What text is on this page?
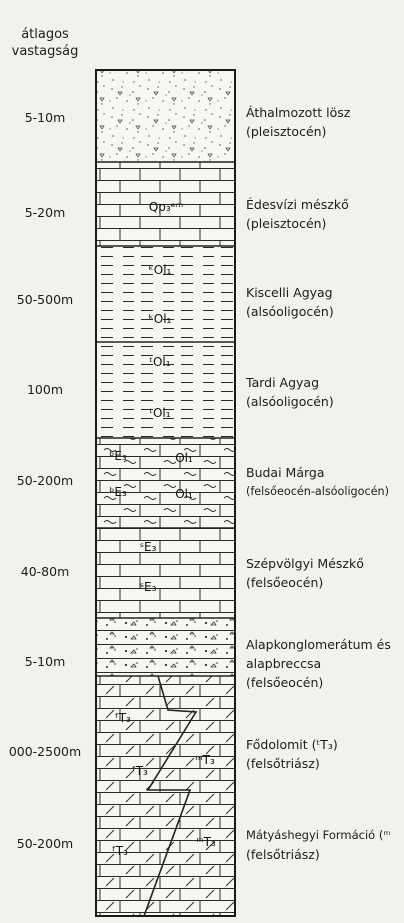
átlagos
vastagság
5-10m
5-20m
50-500m
100m
50-200m
40-80m
5-10m
000-2500m
50-200m
Qp₃ᵉᵐ
ᵏOl₁
ᵏOl₁
ᵗOl₁
ᵗOl₁
ᵇE₃	Ol₁
ᵇE₃	Ol₁
ˢE₃
ˢE₃
ᶠT₃
ᶠT₃
ᵐT₃
ᶠT₃
ᵐT₃
Áthalmozott lösz
(pleisztocén)
Édesvízi mészkő
(pleisztocén)
Kiscelli Agyag
(alsóoligocén)
Tardi Agyag
(alsóoligocén)
Budai Márga
(felsőeocén-alsóoligocén)
Szépvölgyi Mészkő
(felsőeocén)
Alapkonglomerátum és
alapbreccsa
(felsőeocén)
Fődolomit (ᵗT₃)
(felsőtriász)
Mátyáshegyi Formáció (ᵐ
(felsőtriász)
